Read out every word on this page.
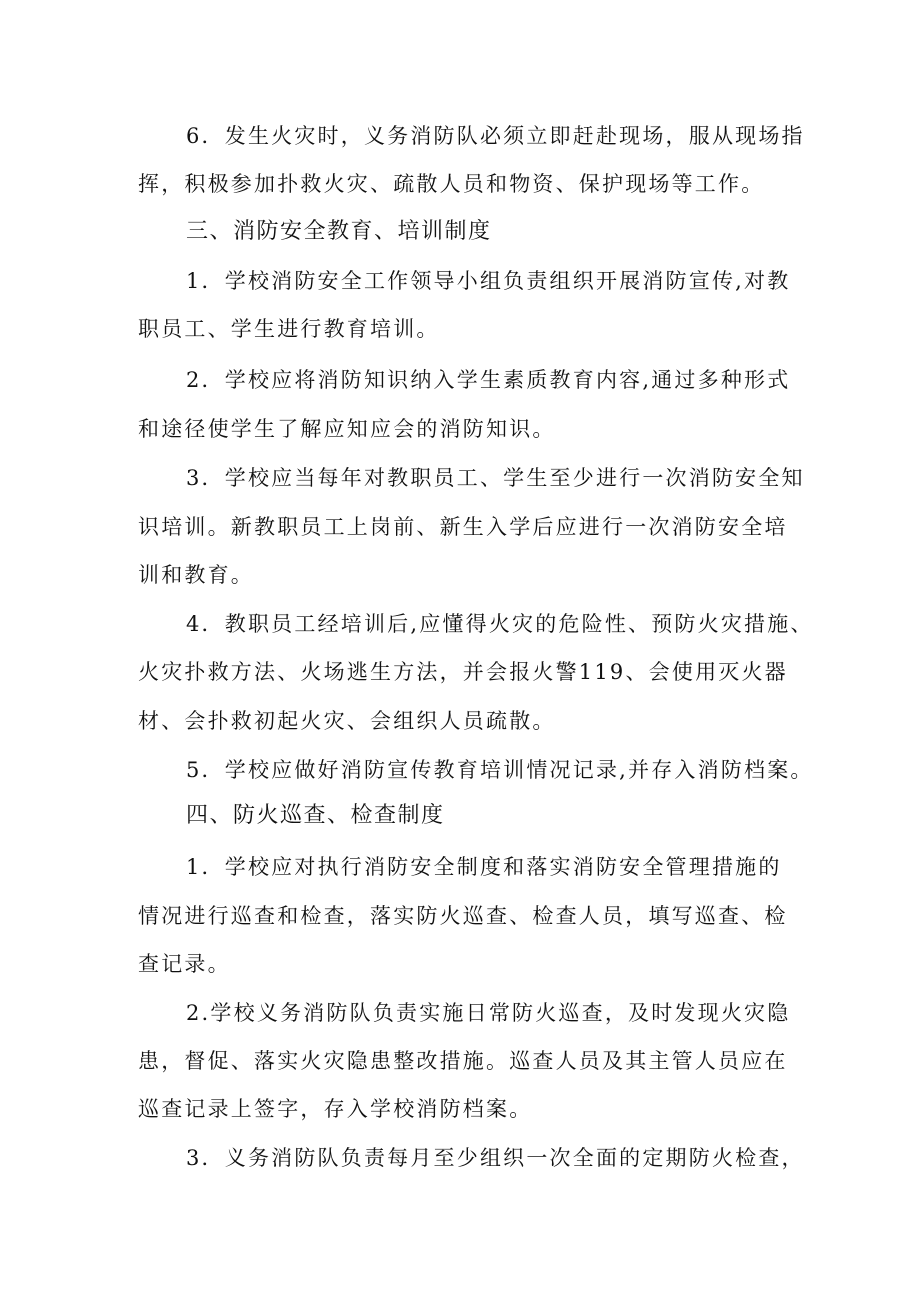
6．发生火灾时，义务消防队必须立即赶赴现场，服从现场指
挥，积极参加扑救火灾、疏散人员和物资、保护现场等工作。
三、消防安全教育、培训制度
1．学校消防安全工作领导小组负责组织开展消防宣传,对教
职员工、学生进行教育培训。
2．学校应将消防知识纳入学生素质教育内容,通过多种形式
和途径使学生了解应知应会的消防知识。
3．学校应当每年对教职员工、学生至少进行一次消防安全知
识培训。新教职员工上岗前、新生入学后应进行一次消防安全培
训和教育。
4．教职员工经培训后,应懂得火灾的危险性、预防火灾措施、
火灾扑救方法、火场逃生方法，并会报火警119、会使用灭火器
材、会扑救初起火灾、会组织人员疏散。
5．学校应做好消防宣传教育培训情况记录,并存入消防档案。
四、防火巡查、检查制度
1．学校应对执行消防安全制度和落实消防安全管理措施的
情况进行巡查和检查，落实防火巡查、检查人员，填写巡查、检
查记录。
2.学校义务消防队负责实施日常防火巡查，及时发现火灾隐
患，督促、落实火灾隐患整改措施。巡查人员及其主管人员应在
巡查记录上签字，存入学校消防档案。
3．义务消防队负责每月至少组织一次全面的定期防火检查，
